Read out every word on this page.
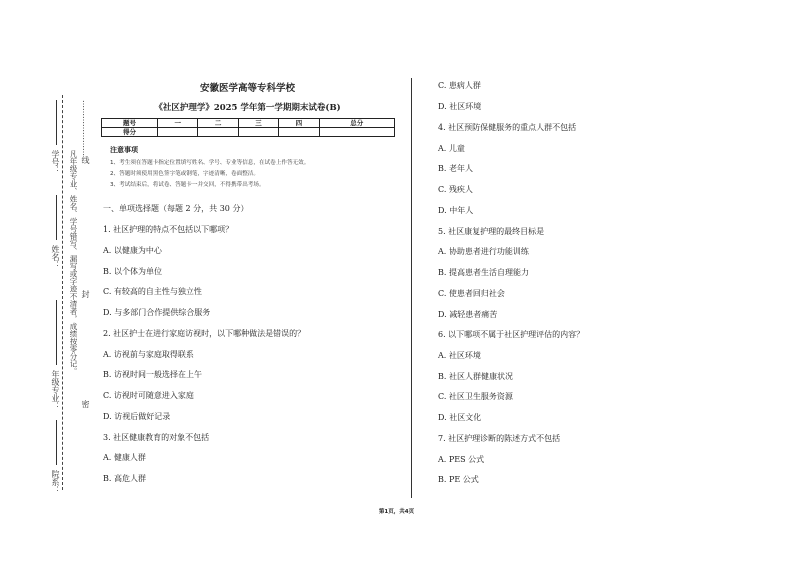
学号：
姓名：
年级专业：
院系：
凡年级专业、姓名、学号错写、漏写或字迹不清者，成绩按零分记。
…………………线
封
密
安徽医学高等专科学校
《社区护理学》2025 学年第一学期期末试卷(B)
题号	一	二	三	四	总分
得分					
注意事项
1、考生须在答题卡指定位置填写姓名、学号、专业等信息，在试卷上作答无效。
2、答题时须使用黑色签字笔或钢笔，字迹清晰，卷面整洁。
3、考试结束后，将试卷、答题卡一并交回，不得携带出考场。
一、单项选择题（每题 2 分，共 30 分）
1. 社区护理的特点不包括以下哪项？
A. 以健康为中心
B. 以个体为单位
C. 有较高的自主性与独立性
D. 与多部门合作提供综合服务
2. 社区护士在进行家庭访视时，以下哪种做法是错误的？
A. 访视前与家庭取得联系
B. 访视时间一般选择在上午
C. 访视时可随意进入家庭
D. 访视后做好记录
3. 社区健康教育的对象不包括
A. 健康人群
B. 高危人群
C. 患病人群
D. 社区环境
4. 社区预防保健服务的重点人群不包括
A. 儿童
B. 老年人
C. 残疾人
D. 中年人
5. 社区康复护理的最终目标是
A. 协助患者进行功能训练
B. 提高患者生活自理能力
C. 使患者回归社会
D. 减轻患者痛苦
6. 以下哪项不属于社区护理评估的内容？
A. 社区环境
B. 社区人群健康状况
C. 社区卫生服务资源
D. 社区文化
7. 社区护理诊断的陈述方式不包括
A. PES 公式
B. PE 公式
第1页，共4页
